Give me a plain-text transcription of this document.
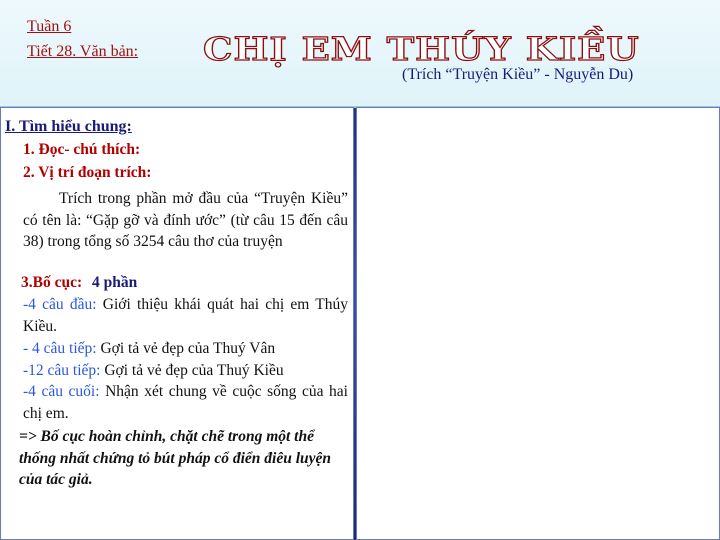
Tuần 6
Tiết 28. Văn bản: CHỊ EM THÚY KIỀU
(Trích “Truyện Kiều” - Nguyễn Du)
I. Tìm hiểu chung:
1. Đọc- chú thích:
2. Vị trí đoạn trích:
Trích trong phần mở đầu của “Truyện Kiều” có tên là: “Gặp gỡ và đính ước” (từ câu 15 đến câu 38) trong tổng số 3254 câu thơ của truyện
3.Bố cục: 4 phần
-4 câu đầu: Giới thiệu khái quát hai chị em Thúy Kiều.
- 4 câu tiếp: Gợi tả vẻ đẹp của Thuý Vân
-12 câu tiếp: Gợi tả vẻ đẹp của Thuý Kiều
-4 câu cuối: Nhận xét chung về cuộc sống của hai chị em.
=> Bố cục hoàn chỉnh, chặt chẽ trong một thể thống nhất chứng tỏ bút pháp cổ điển điêu luyện của tác giả.
